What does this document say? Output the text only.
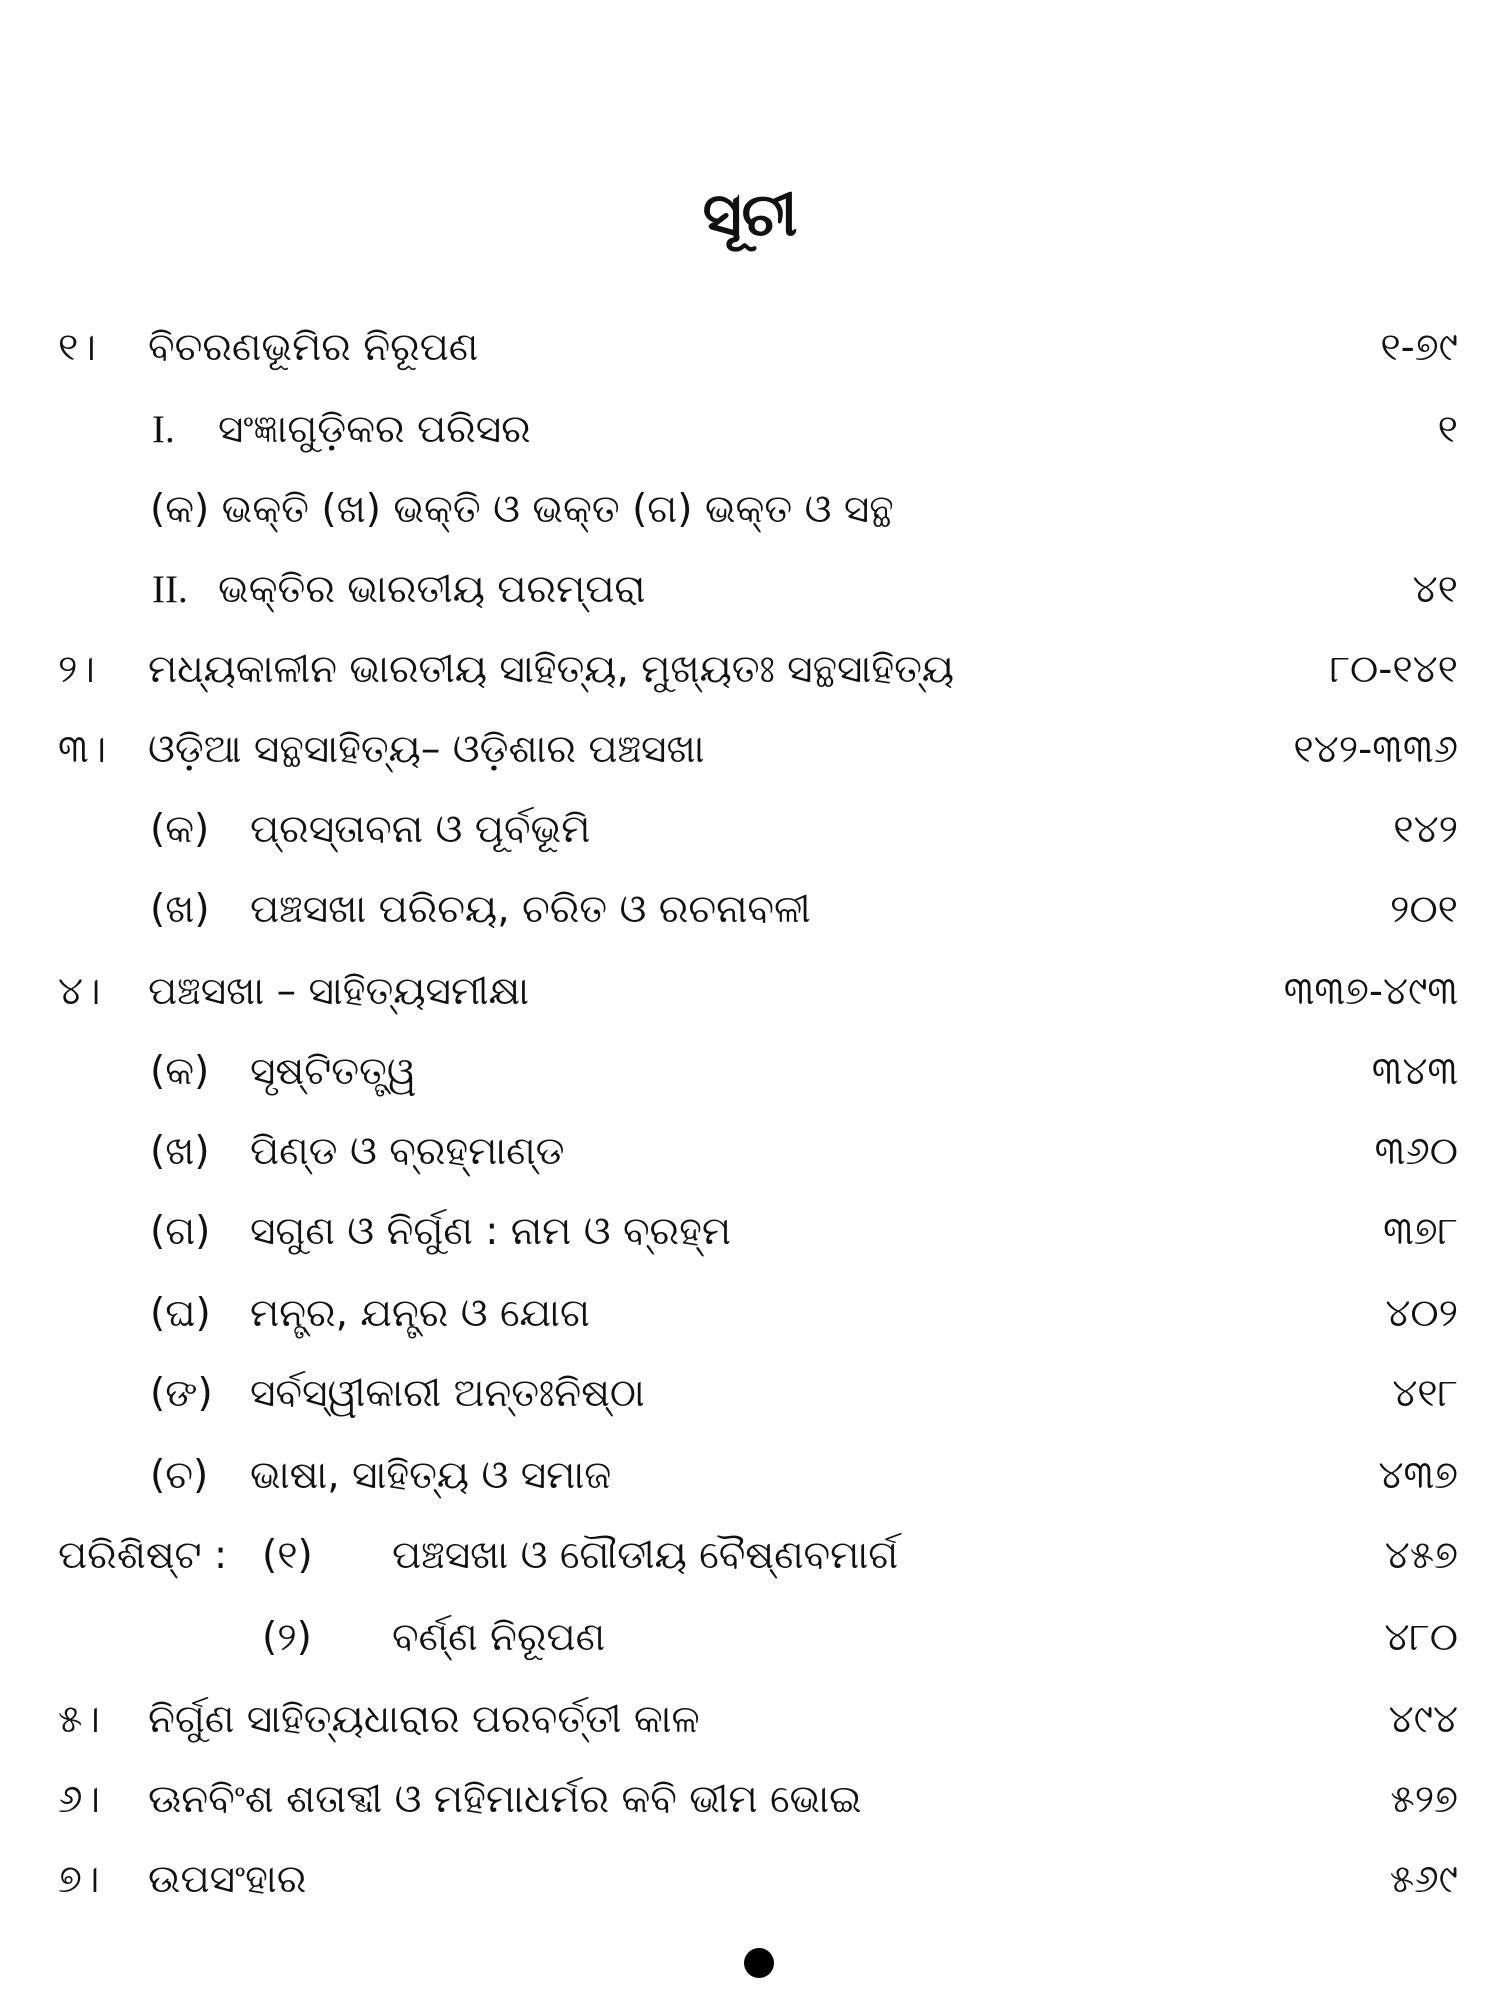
ସୂଚୀ
୧। ବିଚରଣଭୂମିର ନିରୂପଣ	୧-୭୯
I. ସଂଜ୍ଞାଗୁଡ଼ିକର ପରିସର	୧
(କ) ଭକ୍ତି (ଖ) ଭକ୍ତି ଓ ଭକ୍ତ (ଗ) ଭକ୍ତ ଓ ସନ୍ଥ
II. ଭକ୍ତିର ଭାରତୀୟ ପରମ୍ପରା	୪୧
୨। ମଧ୍ୟକାଳୀନ ଭାରତୀୟ ସାହିତ୍ୟ, ମୁଖ୍ୟତଃ ସନ୍ଥସାହିତ୍ୟ	୮୦-୧୪୧
୩। ଓଡ଼ିଆ ସନ୍ଥସାହିତ୍ୟ– ଓଡ଼ିଶାର ପଞ୍ଚସଖା	୧୪୨-୩୩୬
(କ) ପ୍ରସ୍ତାବନା ଓ ପୂର୍ବଭୂମି	୧୪୨
(ଖ) ପଞ୍ଚସଖା ପରିଚୟ, ଚରିତ ଓ ରଚନାବଳୀ	୨୦୧
୪। ପଞ୍ଚସଖା – ସାହିତ୍ୟସମୀକ୍ଷା	୩୩୭-୪୯୩
(କ) ସୃଷ୍ଟିତତ୍ତ୍ୱ	୩୪୩
(ଖ) ପିଣ୍ଡ ଓ ବ୍ରହ୍ମାଣ୍ଡ	୩୬୦
(ଗ) ସଗୁଣ ଓ ନିର୍ଗୁଣ : ନାମ ଓ ବ୍ରହ୍ମ	୩୭୮
(ଘ) ମନ୍ତ୍ର, ଯନ୍ତ୍ର ଓ ଯୋଗ	୪୦୨
(ଙ) ସର୍ବସ୍ୱୀକାରୀ ଅନ୍ତଃନିଷ୍ଠା	୪୧୮
(ଚ) ଭାଷା, ସାହିତ୍ୟ ଓ ସମାଜ	୪୩୭
ପରିଶିଷ୍ଟ : (୧) ପଞ୍ଚସଖା ଓ ଗୌଡୀୟ ବୈଷ୍ଣବମାର୍ଗ	୪୫୭
(୨) ବର୍ଣ୍ଣ ନିରୂପଣ	୪୮୦
୫। ନିର୍ଗୁଣ ସାହିତ୍ୟଧାରାର ପରବର୍ତ୍ତୀ କାଳ	୪୯୪
୬। ଊନବିଂଶ ଶତାବ୍ଦୀ ଓ ମହିମାଧର୍ମର କବି ଭୀମ ଭୋଇ	୫୨୭
୭। ଉପସଂହାର	୫୬୯
